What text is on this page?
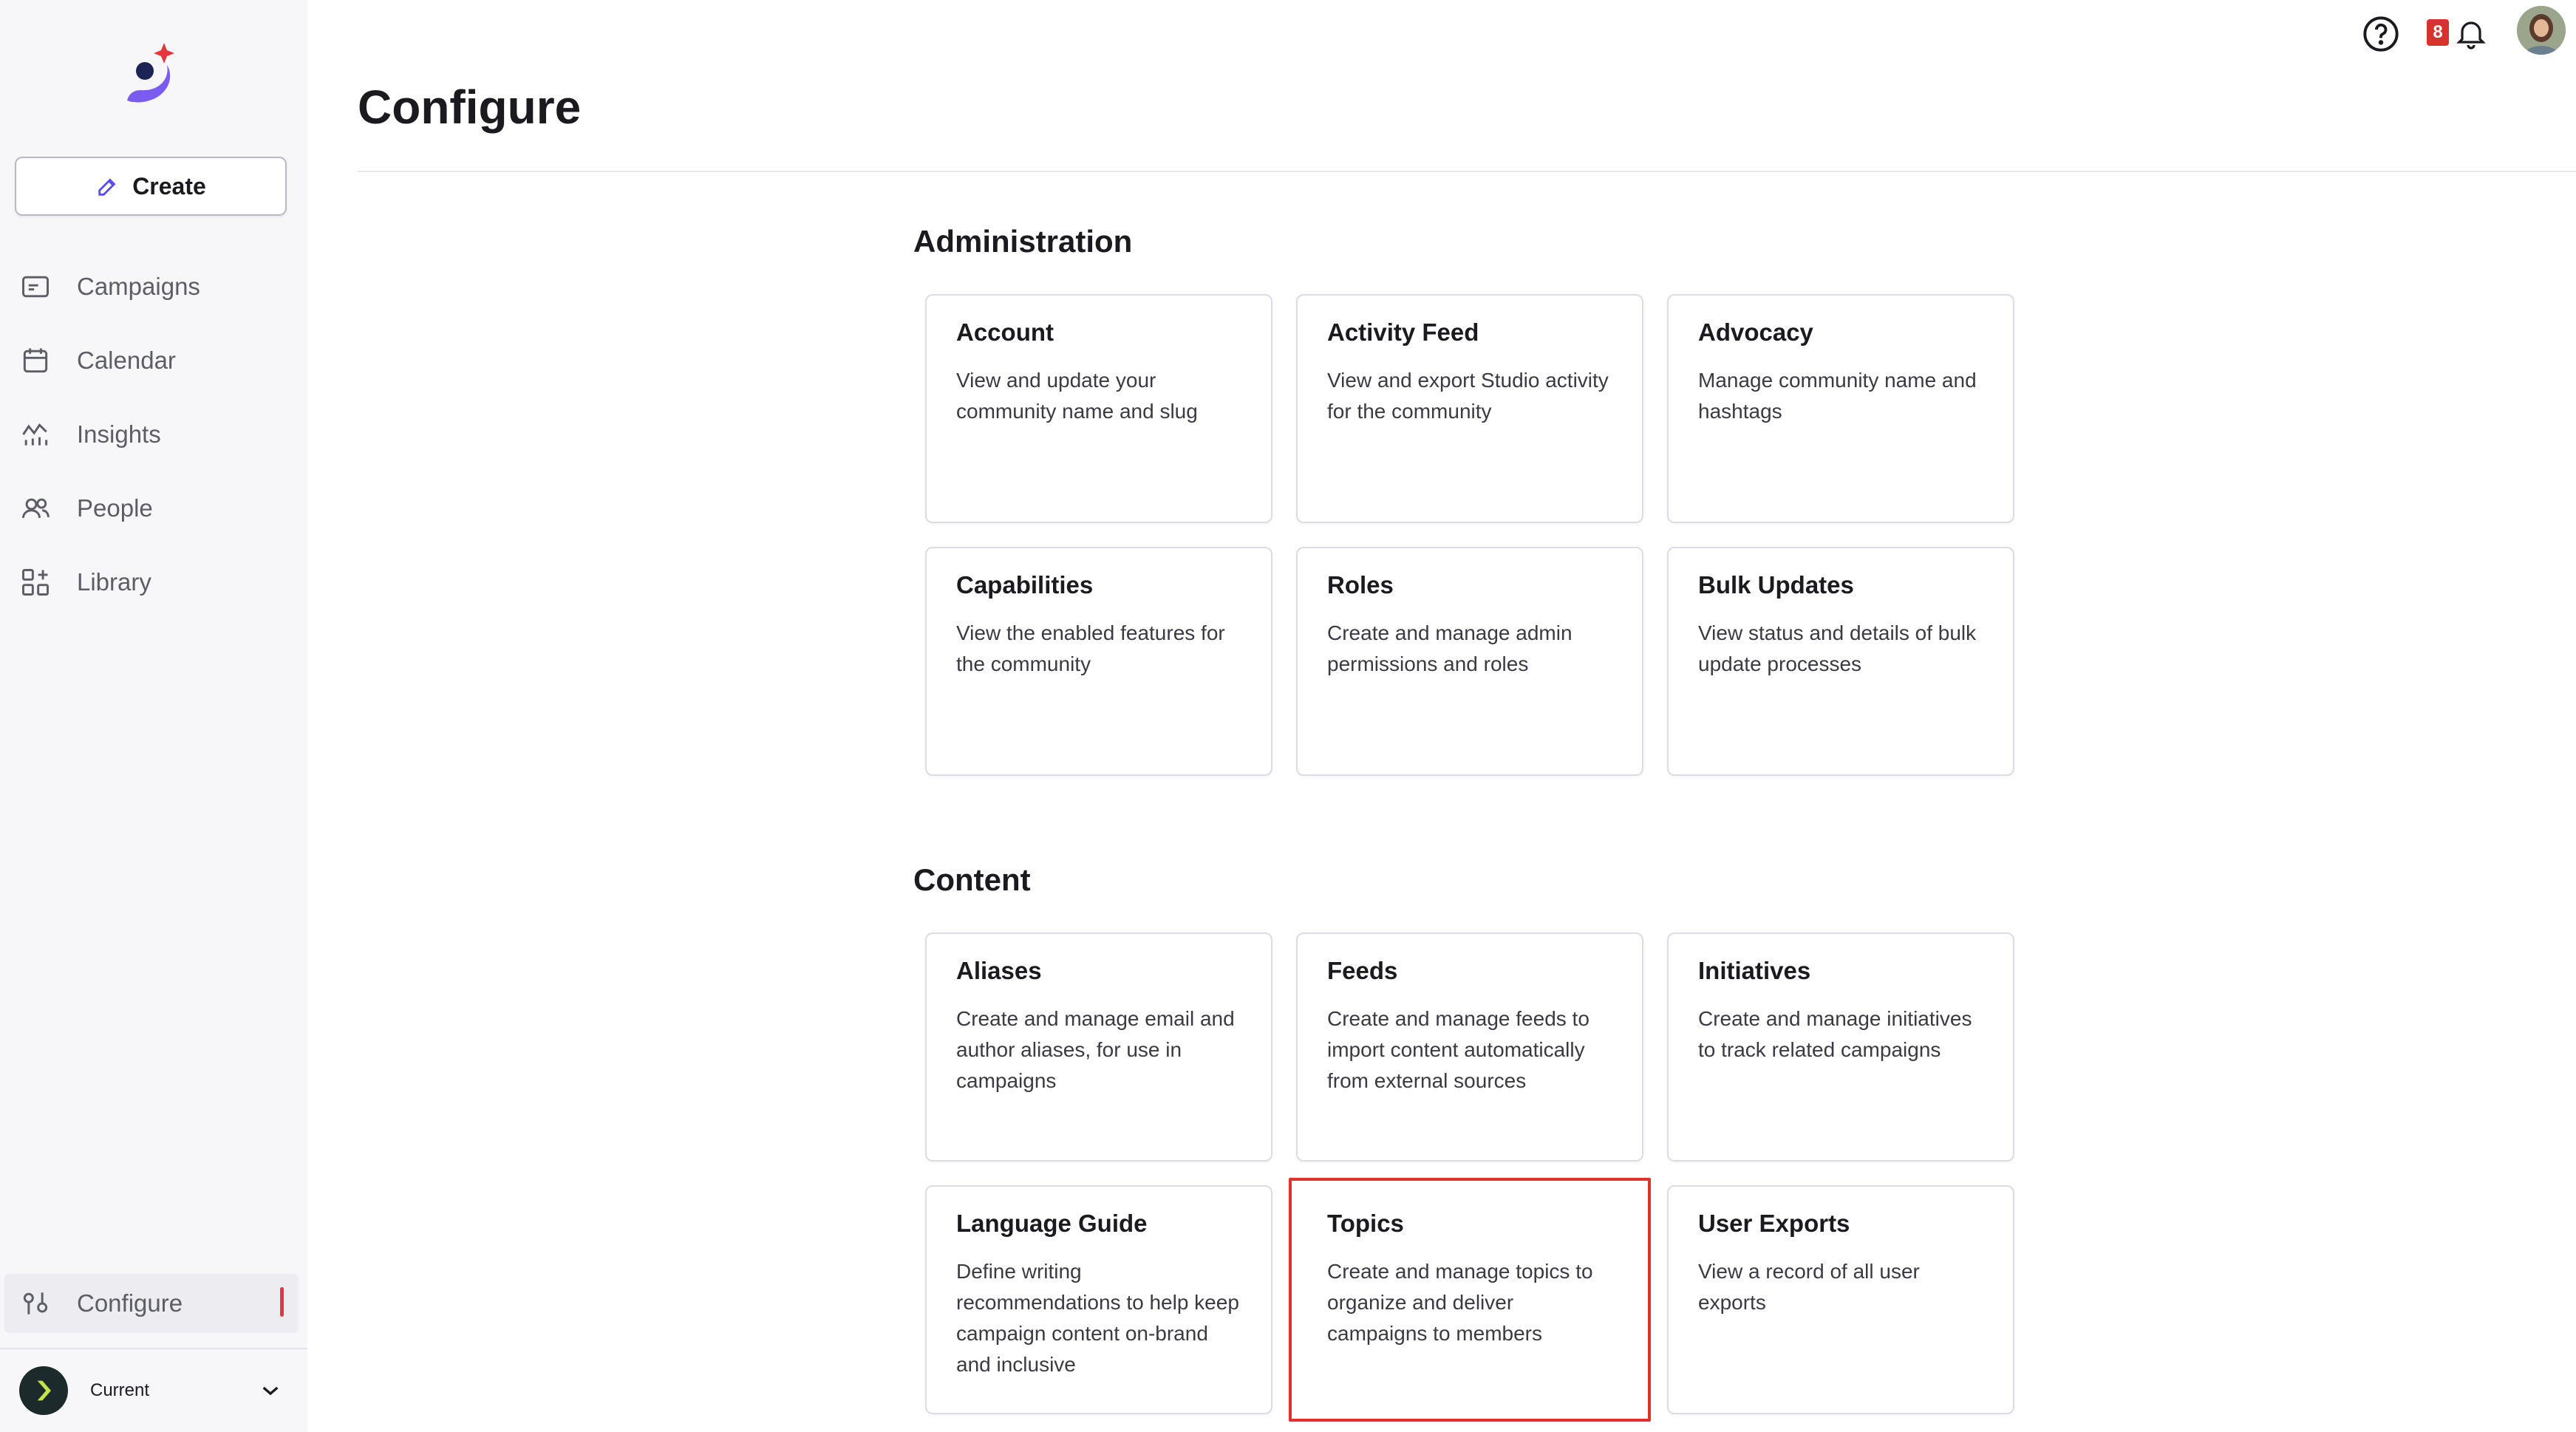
Create
Campaigns
Calendar
Insights
People
Library
Configure
Current
Configure
8
Administration

Account

View and update your community name and slug

Activity Feed

View and export Studio activity for the community

Advocacy

Manage community name and hashtags

Capabilities

View the enabled features for the community

Roles

Create and manage admin permissions and roles

Bulk Updates

View status and details of bulk update processes

Content

Aliases

Create and manage email and author aliases, for use in campaigns

Feeds

Create and manage feeds to import content automatically from external sources

Initiatives

Create and manage initiatives to track related campaigns

Language Guide

Define writing recommendations to help keep campaign content on-brand and inclusive

Topics

Create and manage topics to organize and deliver campaigns to members

User Exports

View a record of all user exports
